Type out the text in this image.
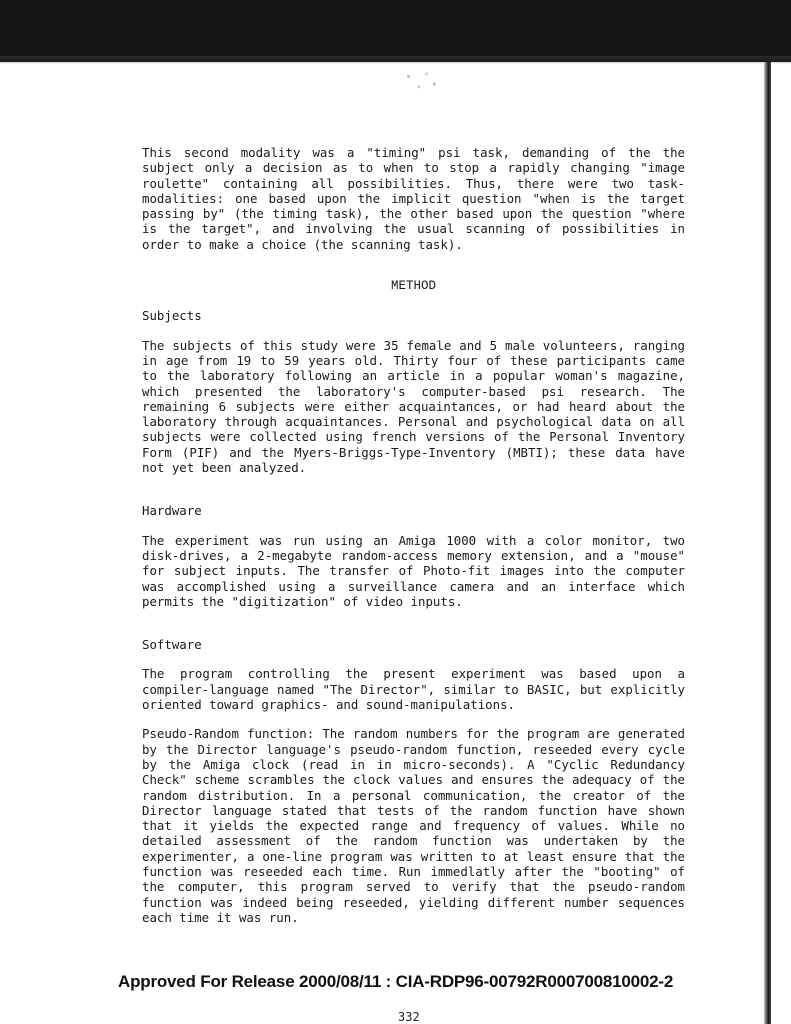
This second modality was a "timing" psi task, demanding of the the subject only a decision as to when to stop a rapidly changing "image roulette" containing all possibilities. Thus, there were two task-modalities: one based upon the implicit question "when is the target passing by" (the timing task), the other based upon the question "where is the target", and involving the usual scanning of possibilities in order to make a choice (the scanning task).

METHOD

Subjects

The subjects of this study were 35 female and 5 male volunteers, ranging in age from 19 to 59 years old. Thirty four of these participants came to the laboratory following an article in a popular woman's magazine, which presented the laboratory's computer-based psi research. The remaining 6 subjects were either acquaintances, or had heard about the laboratory through acquaintances. Personal and psychological data on all subjects were collected using french versions of the Personal Inventory Form (PIF) and the Myers-Briggs-Type-Inventory (MBTI); these data have not yet been analyzed.

Hardware

The experiment was run using an Amiga 1000 with a color monitor, two disk-drives, a 2-megabyte random-access memory extension, and a "mouse" for subject inputs. The transfer of Photo-fit images into the computer was accomplished using a surveillance camera and an interface which permits the "digitization" of video inputs.

Software

The program controlling the present experiment was based upon a compiler-language named "The Director", similar to BASIC, but explicitly oriented toward graphics- and sound-manipulations.

Pseudo-Random function: The random numbers for the program are generated by the Director language's pseudo-random function, reseeded every cycle by the Amiga clock (read in in micro-seconds). A "Cyclic Redundancy Check" scheme scrambles the clock values and ensures the adequacy of the random distribution. In a personal communication, the creator of the Director language stated that tests of the random function have shown that it yields the expected range and frequency of values. While no detailed assessment of the random function was undertaken by the experimenter, a one-line program was written to at least ensure that the function was reseeded each time. Run immedlatly after the "booting" of the computer, this program served to verify that the pseudo-random function was indeed being reseeded, yielding different number sequences each time it was run.

Approved For Release 2000/08/11 : CIA-RDP96-00792R000700810002-2
332
